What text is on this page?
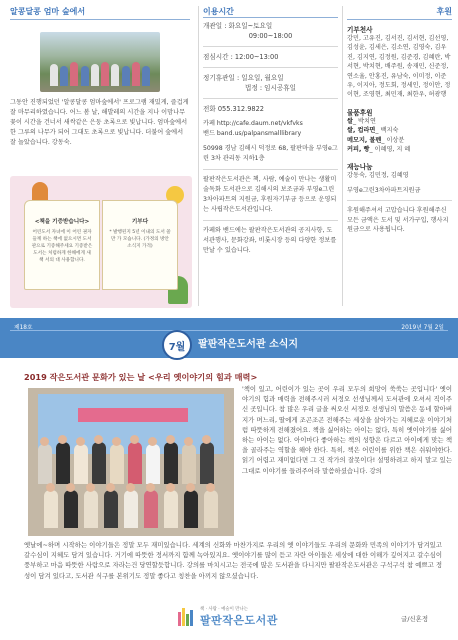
알콩달콩 엄마 숲에서
그동안 진행되었던 '알콩달콩 엄마숲에서' 프로그램 재밌게, 즐겁게 잘 마무리하였습니다. 어느 봄 날, 해발레의 시간을 지나 이맘나무 꽃이 시간을 건너서 새싹같은 은둥 초록으로 빛납니다. 엄마숲에서 한 그루의 나무가 되어 그대도 초록으로 빛납니다. 더불어 숲에서 잘 놀았습니다. 강동숙.
<책을 기증받습니다>
어린도서 자녀에 이 어린 권자들께 하는 책에 없으시면 도서관으로 기증해주세요 기증받은 도서는 처럼하게 한해에게 새 책 서의 대 사용합니다.
기부다
* 발행된지 5년 이내의 도서 쓸 만 가 모습니다. (가정의 방안 소식지 가격)
이용시간
개관일 : 화요일~토요일
09:00~18:00
점심시간 : 12:00~13:00
정기휴관일 : 일요일, 월요일
법정 : 임시공휴일
전화 055.312.9822
카페 http://cafe.daum.net/vkfvks
밴드 band.us/palpansmalllibrary
50998 경남 김해시 덕정로 68, 팔판마을 부영e그린 3차 관리동 지하1층
팔판작은도서관은 책, 사람, 예술이 만나는 생활미술독화 도서관으로 김해시의 보조금과 부영e그린3차아파트의 지원금, 후원자기부금 등으로 운영되는 사립작은도서관입니다.
카페와 밴드에는 팔판작은도서관의 공지사항, 도서관행사, 문화강좌, 비롯시장 등의 다양한 정보를 만날 수 있습니다.
후원
기부천사
강민, 고유진, 김서진, 김서현, 김선영, 김성윤, 김세은, 김소연, 김영숙, 김우진, 김지연, 김정원, 김준경, 김혜란, 박서현, 박치현, 배주원, 송재민, 신준정, 연소율, 안홍진, 유남숙, 이미정, 이준우, 이지아, 정도회, 정세인, 정이안, 정이현, 조영현, 최민재, 최한우, 허광행
물품후원
쌀_ 박치연
쌀, 컵라면_ 백지숙
메모지, 볼펜_ 이상분
커피, 빵_ 이혜영, 지 혜
재능나눔
강동숙, 김민정, 김혜영
부영e그린3차아파트지원금
후원해주셔서 고맙습니다 후원해주신 모든 금액은 도서 및 서가구입, 행사지원금으로 사용됩니다.
제18호	2019년 7월 2일
7월	팔판작은도서관 소식지
2019 작은도서관 문화가 있는 날 <우리 옛이야기의 힘과 매력>
'책이 있고, 어린이가 있는 곳이 우리 모두의 희망이 쑥쑥는 곳입니다' 옛이야기의 힘과 매력을 전해주시러 서정오 선생님께서 도서관에 오셔서 직이주신 곳입니다. 참 많은 우리 글을 써오신 서정오 선생님의 말씀은 동네 할아버지가 며느리, 딸에게 조곤조곤 전해주는 세상을 살아가는 지혜로운 이야기처럼 따뜻하게 전해졌어요. 책을 싫어하는 아이는 없다, 특히 옛이야기를 싫어하는 아이는 없다. 아이마다 좋아하는 책의 성향은 다르고 아이에게 맞는 책을 골라주는 역할을 해야 한다. 특히, 책은 어린이를 위한 책은 쉬워야한다. 읽기 어렵고 재미없다면 그 건 작가의 잘못이다! 설명하려고 하지 말고 있는 그대로 이야기를 들려주어라 말씀하셨습니다. 강의
옛날에~하며 시작하는 이야기들은 정말 모두 재미있습니다. 세계의 신화와 마찬가지로 우리의 옛 이야기들도 우리의 문화와 민족의 이야기가 담겨있고 갈수심이 지혜도 담겨 있습니다. 거기에 따뜻한 정서까지 함께 녹아있지요. 옛이야기를 많이 듣고 자란 아이들은 세상에 대한 이해가 깊어지고 갈수심이 풍부하고 마음 따뜻한 사람으로 자라는건 당연할듯합니다. 강의를 마치시고는 전국에 많은 도서관을 다니지만 팔판작은도서관은 구석구석 참 예쁘고 정성이 담겨 있다고, 도서관 식구를 본위기도 정말 좋다고 칭찬을 아끼지 않으셨습니다.
책 · 사람 · 예술이 만나는
팔판작은도서관	글/신혼정
